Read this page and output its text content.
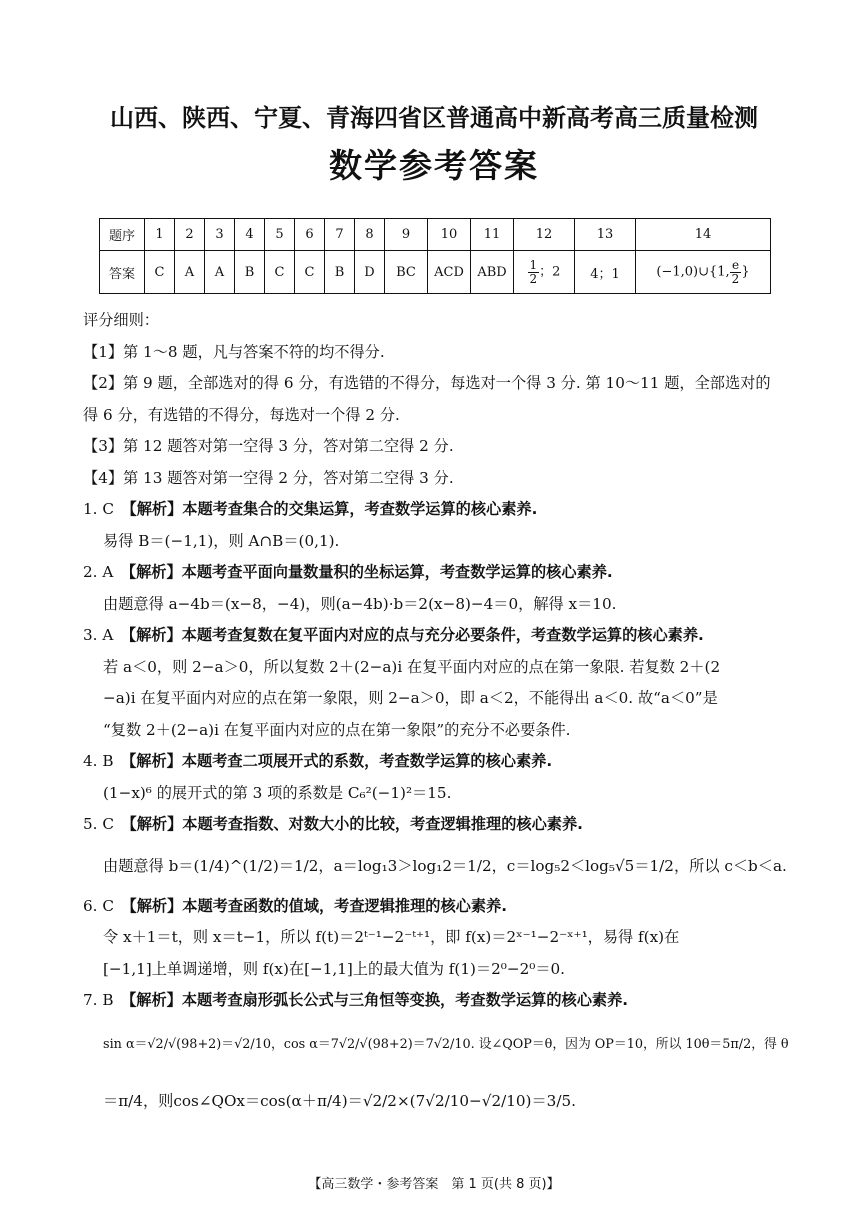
山西、陕西、宁夏、青海四省区普通高中新高考高三质量检测
数学参考答案
题序	1	2	3	4	5	6	7	8	9	10	11	12	13	14
答案	C	A	A	B	C	C	B	D	BC	ACD	ABD	$\frac{1}{2}$ ；2	4；1	(−1,0)∪{1, $\frac{e}{2}$ }
评分细则：
【1】第 1～8 题，凡与答案不符的均不得分.
【2】第 9 题，全部选对的得 6 分，有选错的不得分，每选对一个得 3 分. 第 10～11 题，全部选对的
得 6 分，有选错的不得分，每选对一个得 2 分.
【3】第 12 题答对第一空得 3 分，答对第二空得 2 分.
【4】第 13 题答对第一空得 2 分，答对第二空得 3 分.
1. C　【解析】本题考查集合的交集运算，考查数学运算的核心素养.
易得 B＝(−1,1)，则 A∩B＝(0,1).
2. A　【解析】本题考查平面向量数量积的坐标运算，考查数学运算的核心素养.
由题意得 a−4b＝(x−8，−4)，则(a−4b)·b＝2(x−8)−4＝0，解得 x＝10.
3. A　【解析】本题考查复数在复平面内对应的点与充分必要条件，考查数学运算的核心素养.
若 a＜0，则 2−a＞0，所以复数 2＋(2−a)i 在复平面内对应的点在第一象限. 若复数 2＋(2
−a)i 在复平面内对应的点在第一象限，则 2−a＞0，即 a＜2，不能得出 a＜0. 故“a＜0”是
“复数 2＋(2−a)i 在复平面内对应的点在第一象限”的充分不必要条件.
4. B　【解析】本题考查二项展开式的系数，考查数学运算的核心素养.
(1−x)⁶ 的展开式的第 3 项的系数是 C₆²(−1)²＝15.
5. C　【解析】本题考查指数、对数大小的比较，考查逻辑推理的核心素养.
由题意得 b＝(1/4)^(1/2)＝1/2，a＝log₁3＞log₁2＝1/2，c＝log₅2＜log₅√5＝1/2，所以 c＜b＜a.
6. C　【解析】本题考查函数的值域，考查逻辑推理的核心素养.
令 x＋1＝t，则 x＝t−1，所以 f(t)＝2ᵗ⁻¹−2⁻ᵗ⁺¹，即 f(x)＝2ˣ⁻¹−2⁻ˣ⁺¹，易得 f(x)在
[−1,1]上单调递增，则 f(x)在[−1,1]上的最大值为 f(1)＝2⁰−2⁰＝0.
7. B　【解析】本题考查扇形弧长公式与三角恒等变换，考查数学运算的核心素养.
sin α＝√2/√(98+2)＝√2/10，cos α＝7√2/√(98+2)＝7√2/10. 设∠QOP＝θ，因为 OP＝10，所以 10θ＝5π/2，得 θ
＝π/4，则cos∠QOx＝cos(α＋π/4)＝√2/2×(7√2/10−√2/10)＝3/5.
【高三数学・参考答案　第 1 页(共 8 页)】
